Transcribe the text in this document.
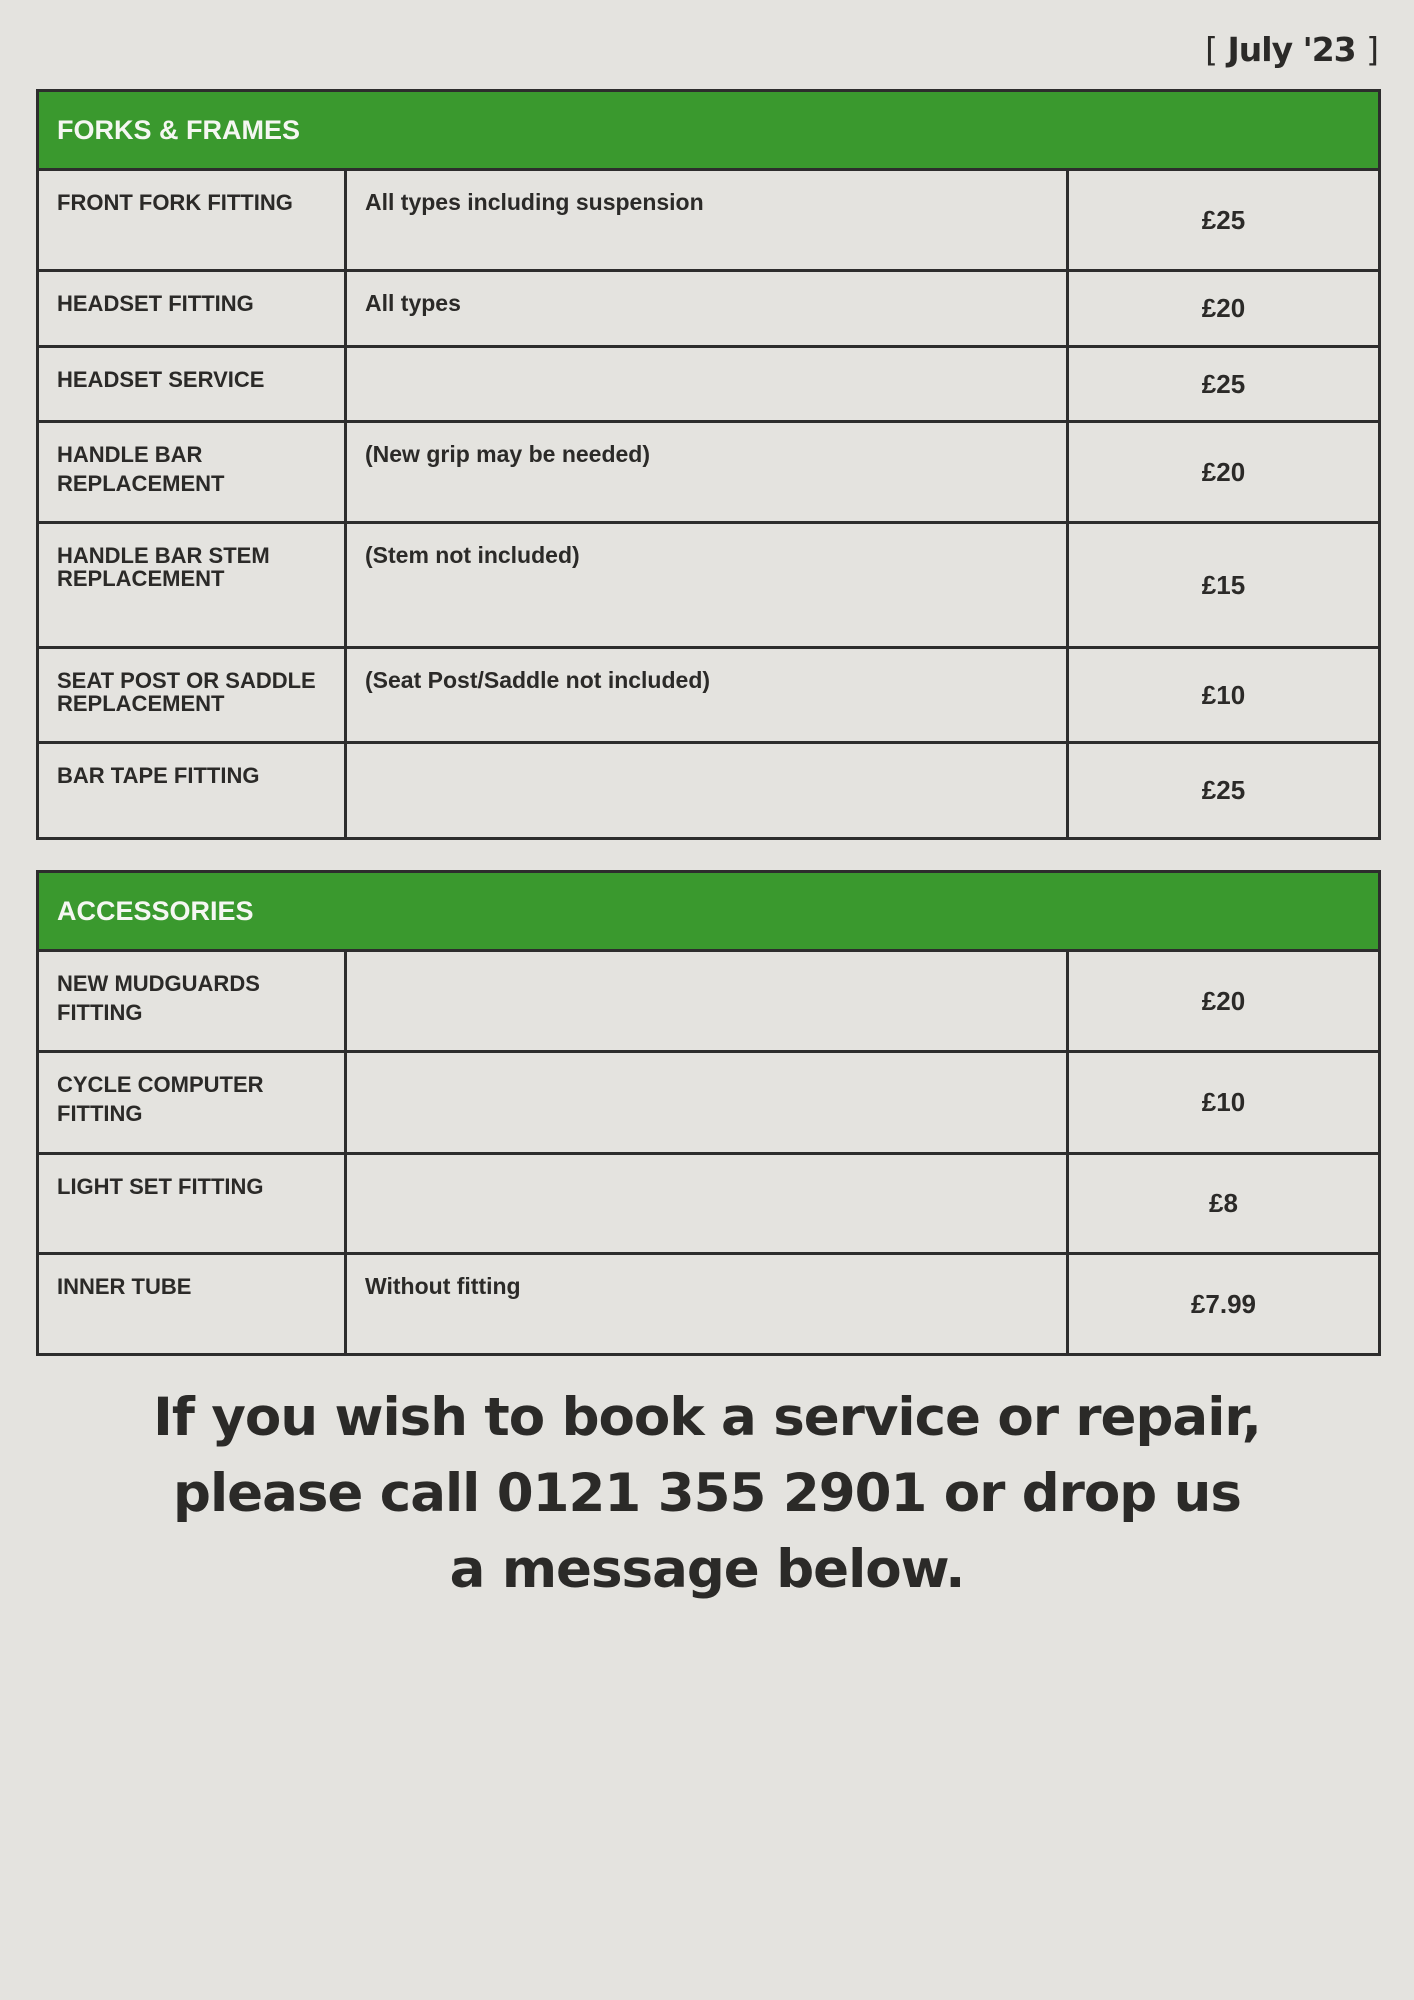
[ July '23 ]
FORKS & FRAMES		
FRONT FORK FITTING	All types including suspension	£25
HEADSET FITTING	All types	£20
HEADSET SERVICE		£25
HANDLE BAR REPLACEMENT	(New grip may be needed)	£20
HANDLE BAR STEM REPLACEMENT	(Stem not included)	£15
SEAT POST OR SADDLE REPLACEMENT	(Seat Post/Saddle not included)	£10
BAR TAPE FITTING		£25
ACCESSORIES		
NEW MUDGUARDS FITTING		£20
CYCLE COMPUTER FITTING		£10
LIGHT SET FITTING		£8
INNER TUBE	Without fitting	£7.99
If you wish to book a service or repair, please call 0121 355 2901 or drop us a message below.
